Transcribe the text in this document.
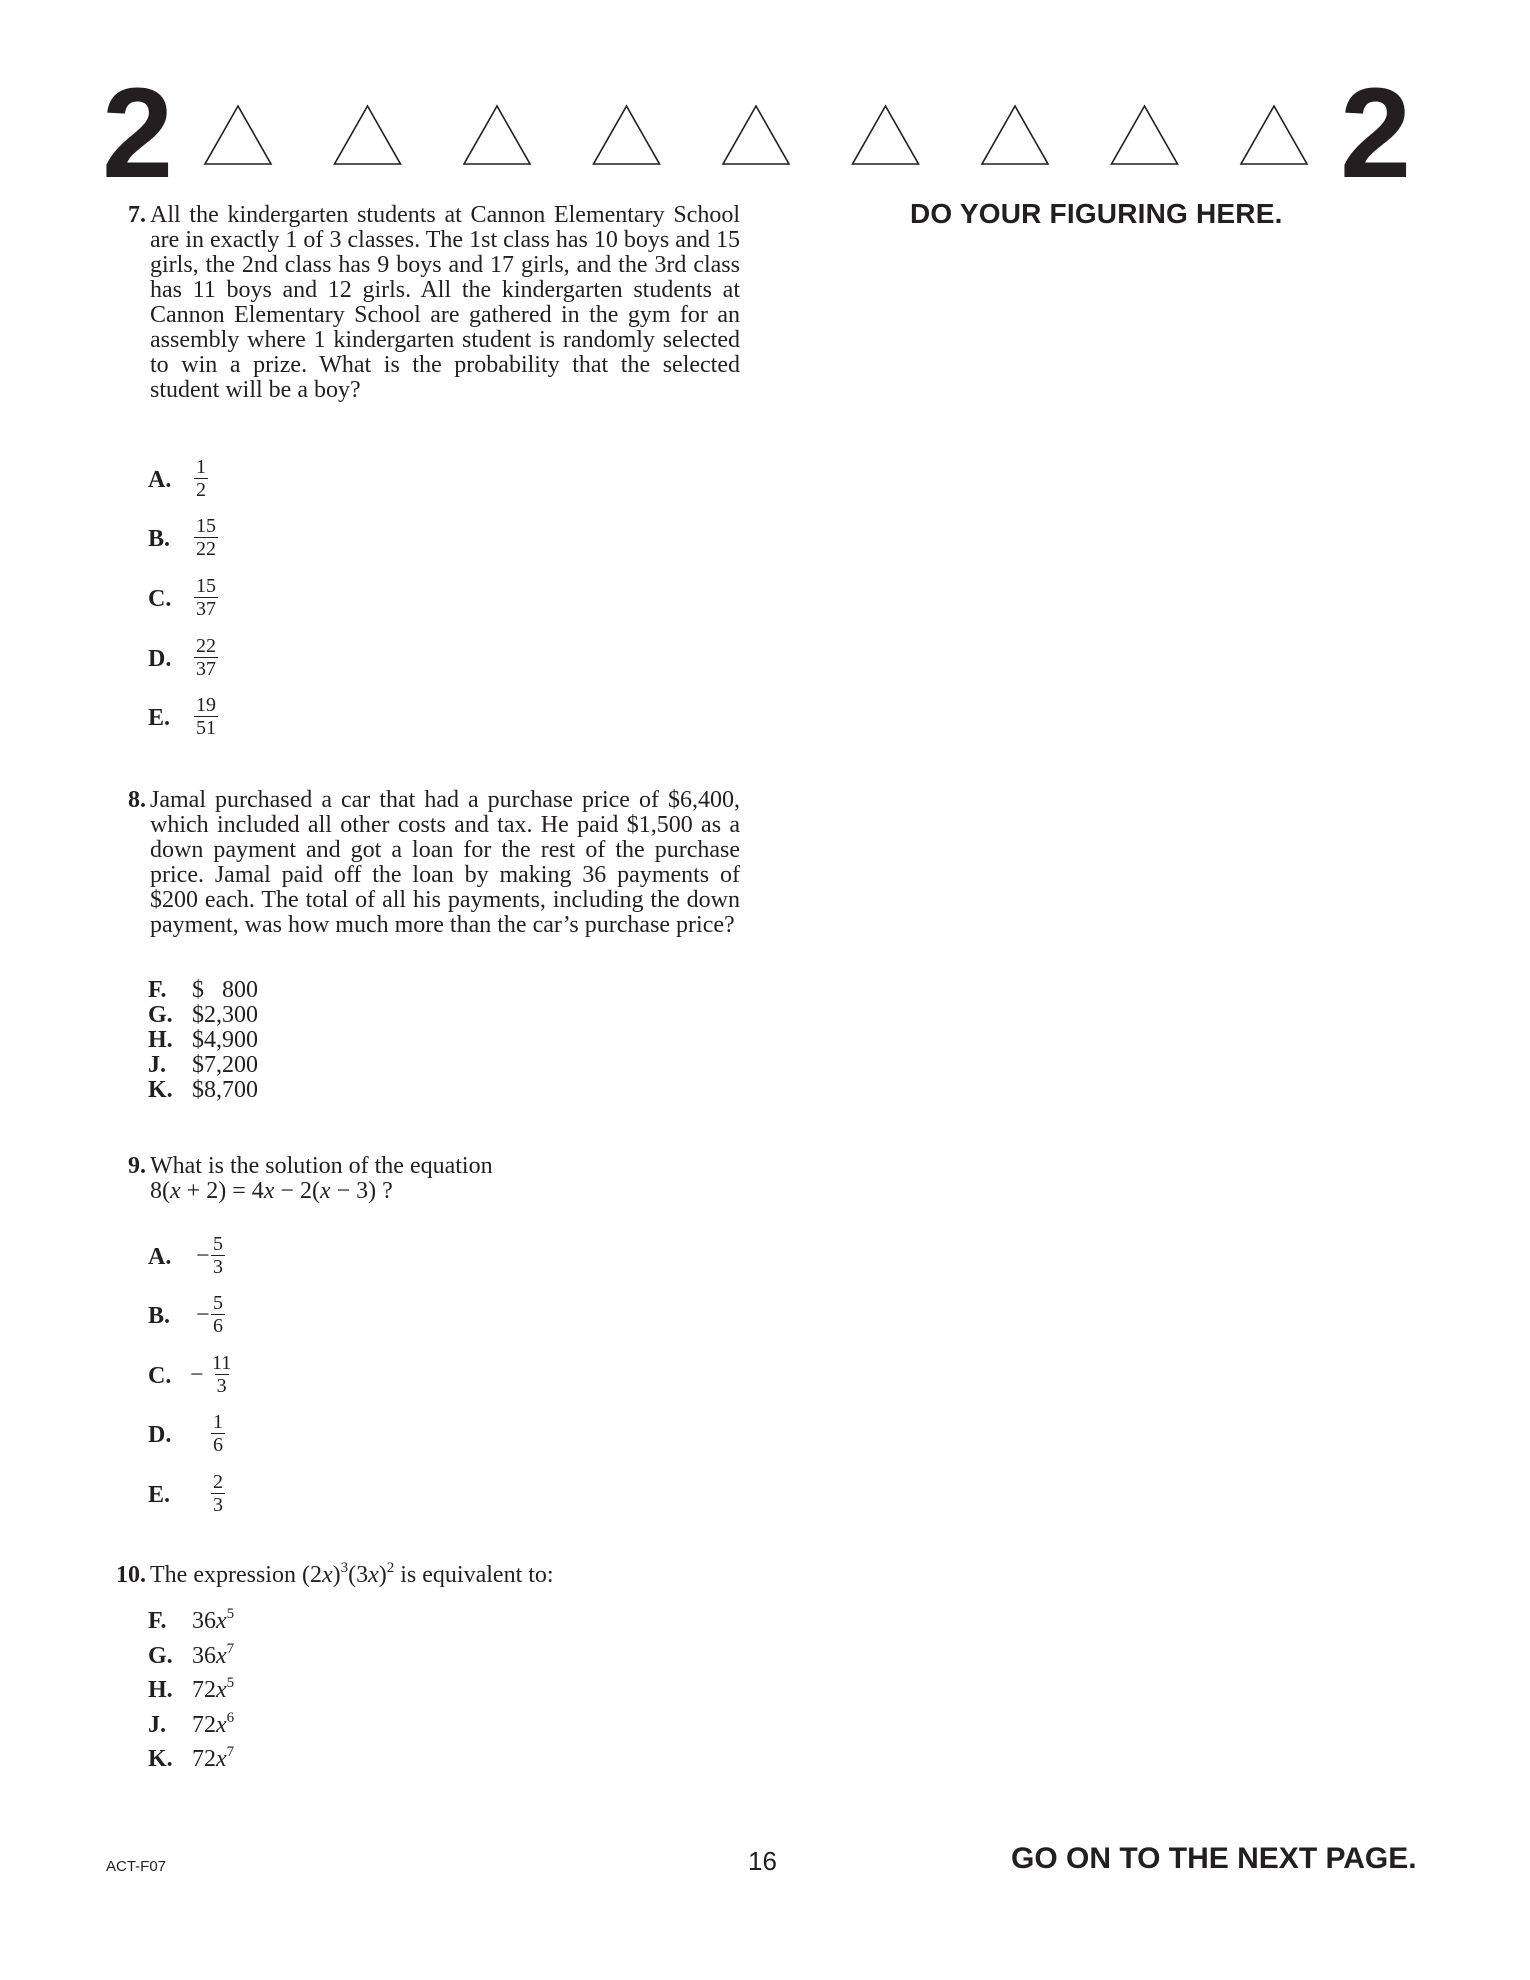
2	2
DO YOUR FIGURING HERE.
7. All the kindergarten students at Cannon Elementary School are in exactly 1 of 3 classes. The 1st class has 10 boys and 15 girls, the 2nd class has 9 boys and 17 girls, and the 3rd class has 11 boys and 12 girls. All the kindergarten students at Cannon Elementary School are gathered in the gym for an assembly where 1 kindergarten student is randomly selected to win a prize. What is the probability that the selected student will be a boy?
A. $\frac{1}{2}$
B. $\frac{15}{22}$
C. $\frac{15}{37}$
D. $\frac{22}{37}$
E. $\frac{19}{51}$
8. Jamal purchased a car that had a purchase price of $6,400, which included all other costs and tax. He paid $1,500 as a down payment and got a loan for the rest of the purchase price. Jamal paid off the loan by making 36 payments of $200 each. The total of all his payments, including the down payment, was how much more than the car’s purchase price?
F. $   800
G. $2,300
H. $4,900
J. $7,200
K. $8,700
9. What is the solution of the equation
8(x + 2) = 4x − 2(x − 3) ?
A. − $\frac{5}{3}$
B. − $\frac{5}{6}$
C. − $\frac{11}{3}$
D. $\frac{1}{6}$
E. $\frac{2}{3}$
10. The expression $(2x)^3(3x)^2$ is equivalent to:
F. $36x^5$
G. $36x^7$
H. $72x^5$
J. $72x^6$
K. $72x^7$
ACT-F07	16	GO ON TO THE NEXT PAGE.
